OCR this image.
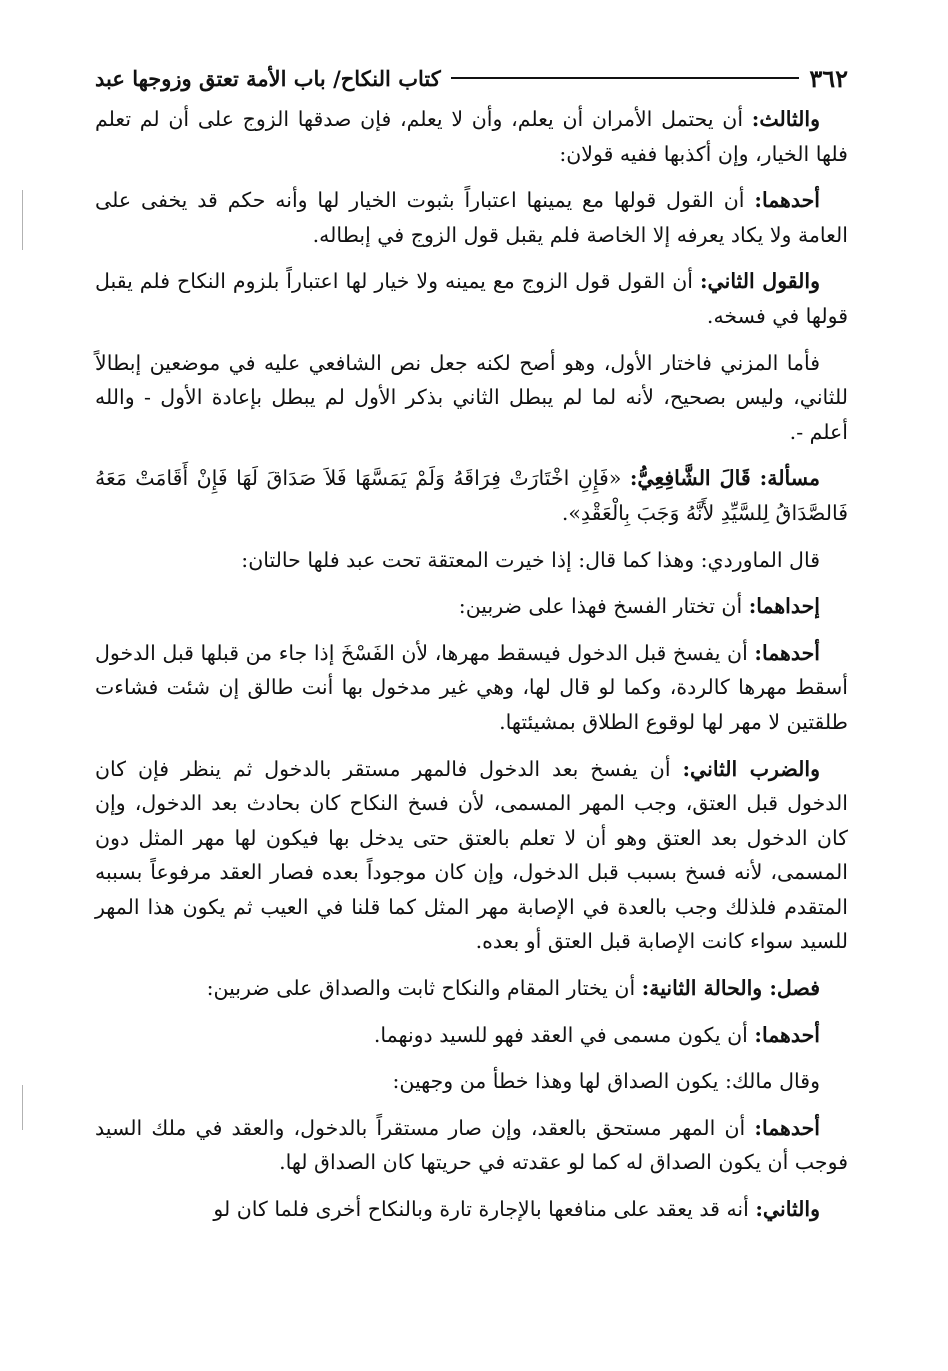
٣٦٢
كتاب النكاح/ باب الأمة تعتق وزوجها عبد

والثالث: أن يحتمل الأمران أن يعلم، وأن لا يعلم، فإن صدقها الزوج على أن لم تعلم فلها الخيار، وإن أكذبها ففيه قولان:

أحدهما: أن القول قولها مع يمينها اعتباراً بثبوت الخيار لها وأنه حكم قد يخفى على العامة ولا يكاد يعرفه إلا الخاصة فلم يقبل قول الزوج في إبطاله.

والقول الثاني: أن القول قول الزوج مع يمينه ولا خيار لها اعتباراً بلزوم النكاح فلم يقبل قولها في فسخه.

فأما المزني فاختار الأول، وهو أصح لكنه جعل نص الشافعي عليه في موضعين إبطالاً للثاني، وليس بصحيح، لأنه لما لم يبطل الثاني بذكر الأول لم يبطل بإعادة الأول - والله أعلم -.

مسألة: قَالَ الشَّافِعِيُّ: «فَإِنِ اخْتَارَتْ فِرَاقَهُ وَلَمْ يَمَسَّهَا فَلاَ صَدَاقَ لَهَا فَإِنْ أَقَامَتْ مَعَهُ فَالصَّدَاقُ لِلسَّيِّدِ لأَنَّهُ وَجَبَ بِالْعَقْدِ».

قال الماوردي: وهذا كما قال: إذا خيرت المعتقة تحت عبد فلها حالتان:

إحداهما: أن تختار الفسخ فهذا على ضربين:

أحدهما: أن يفسخ قبل الدخول فيسقط مهرها، لأن الفَسْخَ إذا جاء من قبلها قبل الدخول أسقط مهرها كالردة، وكما لو قال لها، وهي غير مدخول بها أنت طالق إن شئت فشاءت طلقتين لا مهر لها لوقوع الطلاق بمشيئتها.

والضرب الثاني: أن يفسخ بعد الدخول فالمهر مستقر بالدخول ثم ينظر فإن كان الدخول قبل العتق، وجب المهر المسمى، لأن فسخ النكاح كان بحادث بعد الدخول، وإن كان الدخول بعد العتق وهو أن لا تعلم بالعتق حتى يدخل بها فيكون لها مهر المثل دون المسمى، لأنه فسخ بسبب قبل الدخول، وإن كان موجوداً بعده فصار العقد مرفوعاً بسببه المتقدم فلذلك وجب بالعدة في الإصابة مهر المثل كما قلنا في العيب ثم يكون هذا المهر للسيد سواء كانت الإصابة قبل العتق أو بعده.

فصل: والحالة الثانية: أن يختار المقام والنكاح ثابت والصداق على ضربين:

أحدهما: أن يكون مسمى في العقد فهو للسيد دونهما.

وقال مالك: يكون الصداق لها وهذا خطأ من وجهين:

أحدهما: أن المهر مستحق بالعقد، وإن صار مستقراً بالدخول، والعقد في ملك السيد فوجب أن يكون الصداق له كما لو عقدته في حريتها كان الصداق لها.

والثاني: أنه قد يعقد على منافعها بالإجارة تارة وبالنكاح أخرى فلما كان لو
